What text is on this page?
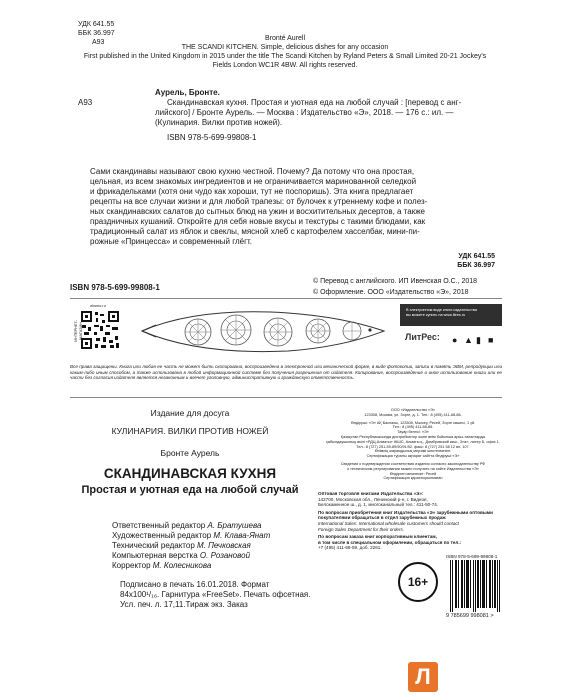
УДК 641.55
ББК 36.997
А93
Bronté Aurell
THE SCANDI KITCHEN. Simple, delicious dishes for any occasion
First published in the United Kingdom in 2015 under the title The Scandi Kitchen by Ryland Peters & Small Limited 20-21 Jockey's
Fields London WC1R 4BW. All rights reserved.
Аурель, Бронте.
А93	Скандинавская кухня. Простая и уютная еда на любой случай : [перевод с анг-
лийского] / Бронте Аурель. — Москва : Издательство «Э», 2018. — 176 с.: ил. —
(Кулинария. Вилки против ножей).
ISBN 978-5-699-99808-1
Сами скандинавы называют свою кухню честной. Почему? Да потому что она простая,
цельная, из всем знакомых ингредиентов и не ограничивается маринованной селедкой
и фрикадельками (хотя они чудо как хороши, тут не поспоришь). Эта книга предлагает
рецепты на все случаи жизни и для любой трапезы: от булочек к утреннему кофе и полез-
ных скандинавских салатов до сытных блюд на ужин и восхитительных десертов, а также
праздничных кушаний. Откройте для себя новые вкусы и текстуры с такими блюдами, как
традиционный салат из яблок и свеклы, мясной хлеб с картофелем хасселбак, мини-пи-
рожные «Принцесса» и современный глёгт.
УДК 641.55
ББК 36.997
© Перевод с английского. ИП Ивенская О.С., 2018
© Оформление. ООО «Издательство «Э», 2018
ISBN 978-5-699-99808-1
eksmo.ru
ИНТЕРНЕТ-МАГАЗИН
В электронном виде книги издательства
вы можете купить на www.litres.ru
ЛитРес: ● ▲ ▮ ■
Все права защищены. Книга или любая ее часть не может быть скопирована, воспроизведена в электронной или механической форме, в виде фотокопии, записи в память ЭВМ, репродукции или каким-либо иным способом, а также использована в любой информационной системе без получения разрешения от издателя. Копирование, воспроизведение и иное использование книги или ее части без согласия издателя является незаконным и влечет уголовную, административную и гражданскую ответственность.
Издание для досуга
КУЛИНАРИЯ. ВИЛКИ ПРОТИВ НОЖЕЙ
Бронте Аурель
СКАНДИНАВСКАЯ КУХНЯ
Простая и уютная еда на любой случай
Ответственный редактор А. Братушева
Художественный редактор М. Клава-Янат
Технический редактор М. Печковская
Компьютерная верстка О. Розановой
Корректор М. Колесникова
Подписано в печать 16.01.2018. Формат
84x100¹/₁₆. Гарнитура «FreeSet». Печать офсетная.
Усл. печ. л. 17,11.Тираж экз. Заказ
ООО «Издательство «Э»
123308, Москва, ул. Зорге, д. 1. Тел.: 8 (495) 411-68-86.
Өндіруші: «Э» АҚ Баспасы, 123308, Мәскеу, Ресей, Зорге көшесі, 1 үй.
Тел.: 8 (495) 411-68-86.
Тауар белгісі: «Э»
Қазақстан Республикасында дистрибьютор және өнім бойынша арыз-талаптарды
қабылдаушының өкілі «РДЦ-Алматы» ЖШС, Алматы қ., Домбровский көш., 3«а», литер Б, офис 1.
Тел.: 8 (727) 251-59-89/90/91/92, факс: 8 (727) 251 58 12 вн. 107.
Өнімнің жарамдылық мерзімі шектелмеген.
Сертификация туралы ақпарат сайтта Өндіруші «Э»
Сведения о подтверждении соответствия издания согласно законодательству РФ
о техническом регулировании можно получить на сайте Издательства «Э»
Өндірген мемлекет: Ресей
Сертификация қарастырылмаған
Оптовая торговля книгами Издательства «Э»:
142700, Московская обл., Ленинский р-н, г. Видное,
Белокаменное ш., д. 1, многоканальный тел.: 411-50-74.
По вопросам приобретения книг Издательства «Э» зарубежными оптовыми покупателями обращаться в отдел зарубежных продаж
International Sales: International wholesale customers should contact
Foreign Sales Department for their orders.
По вопросам заказа книг корпоративным клиентам,
в том числе в специальном оформлении, обращаться по тел.:
+7 (495) 411-68-59, доб. 2261.
16+
ISBN 978-5-699-99808-1
9 785699 998081 >
Л
